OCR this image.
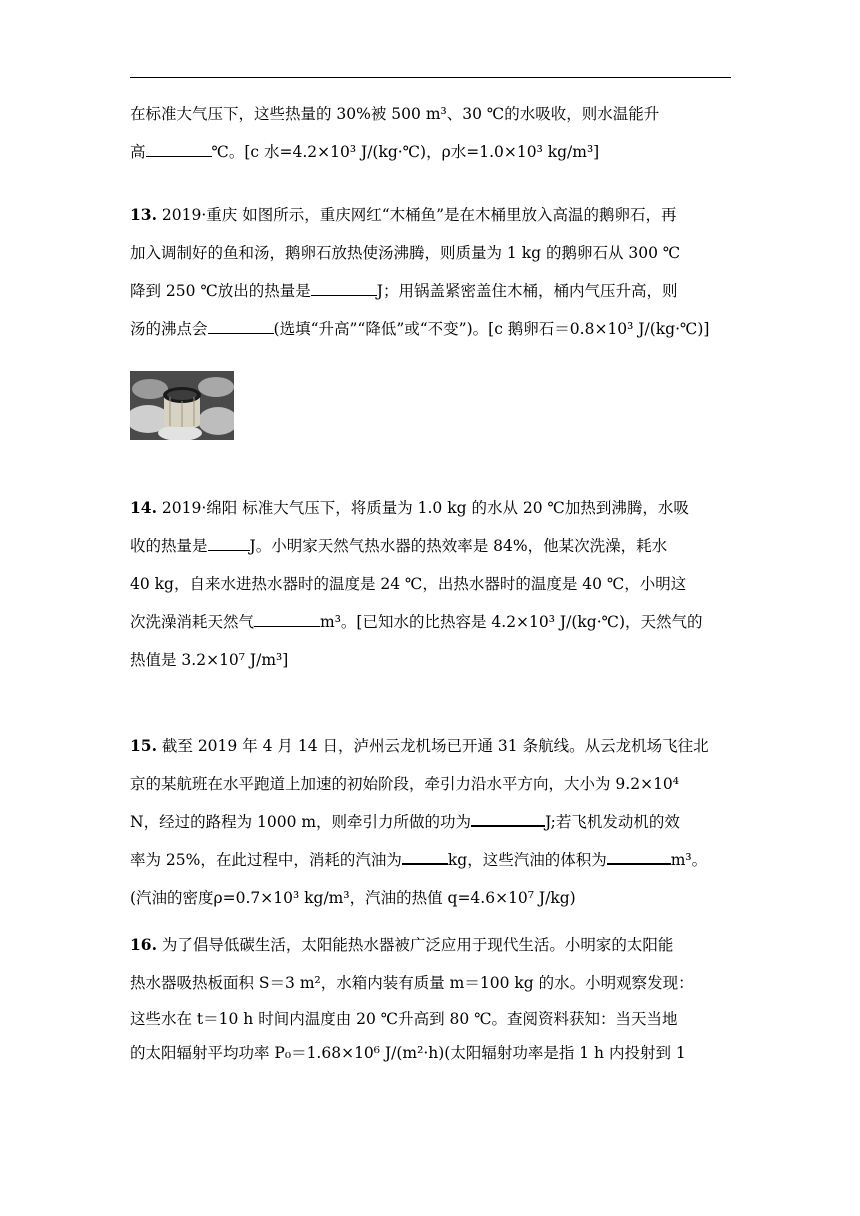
在标准大气压下，这些热量的 30%被 500 m³、30 ℃的水吸收，则水温能升
高	℃。[c 水=4.2×10³ J/(kg·℃)，ρ水=1.0×10³ kg/m³]
13. 2019·重庆 如图所示，重庆网红“木桶鱼”是在木桶里放入高温的鹅卵石，再
加入调制好的鱼和汤，鹅卵石放热使汤沸腾，则质量为 1 kg 的鹅卵石从 300 ℃
降到 250 ℃放出的热量是	J；用锅盖紧密盖住木桶，桶内气压升高，则
汤的沸点会	(选填“升高”“降低”或“不变”)。[c 鹅卵石＝0.8×10³ J/(kg·℃)]
14. 2019·绵阳 标准大气压下，将质量为 1.0 kg 的水从 20 ℃加热到沸腾，水吸
收的热量是	J。小明家天然气热水器的热效率是 84%，他某次洗澡，耗水
40 kg，自来水进热水器时的温度是 24 ℃，出热水器时的温度是 40 ℃，小明这
次洗澡消耗天然气	m³。[已知水的比热容是 4.2×10³ J/(kg·℃)，天然气的
热值是 3.2×10⁷ J/m³]
15. 截至 2019 年 4 月 14 日，泸州云龙机场已开通 31 条航线。从云龙机场飞往北
京的某航班在水平跑道上加速的初始阶段，牵引力沿水平方向，大小为 9.2×10⁴
N，经过的路程为 1000 m，则牵引力所做的功为	J;若飞机发动机的效
率为 25%，在此过程中，消耗的汽油为	kg，这些汽油的体积为	m³。
(汽油的密度ρ=0.7×10³ kg/m³，汽油的热值 q=4.6×10⁷ J/kg)
16. 为了倡导低碳生活，太阳能热水器被广泛应用于现代生活。小明家的太阳能
热水器吸热板面积 S＝3 m²，水箱内装有质量 m＝100 kg 的水。小明观察发现：
这些水在 t＝10 h 时间内温度由 20 ℃升高到 80 ℃。查阅资料获知：当天当地
的太阳辐射平均功率 P₀＝1.68×10⁶ J/(m²·h)(太阳辐射功率是指 1 h 内投射到 1
